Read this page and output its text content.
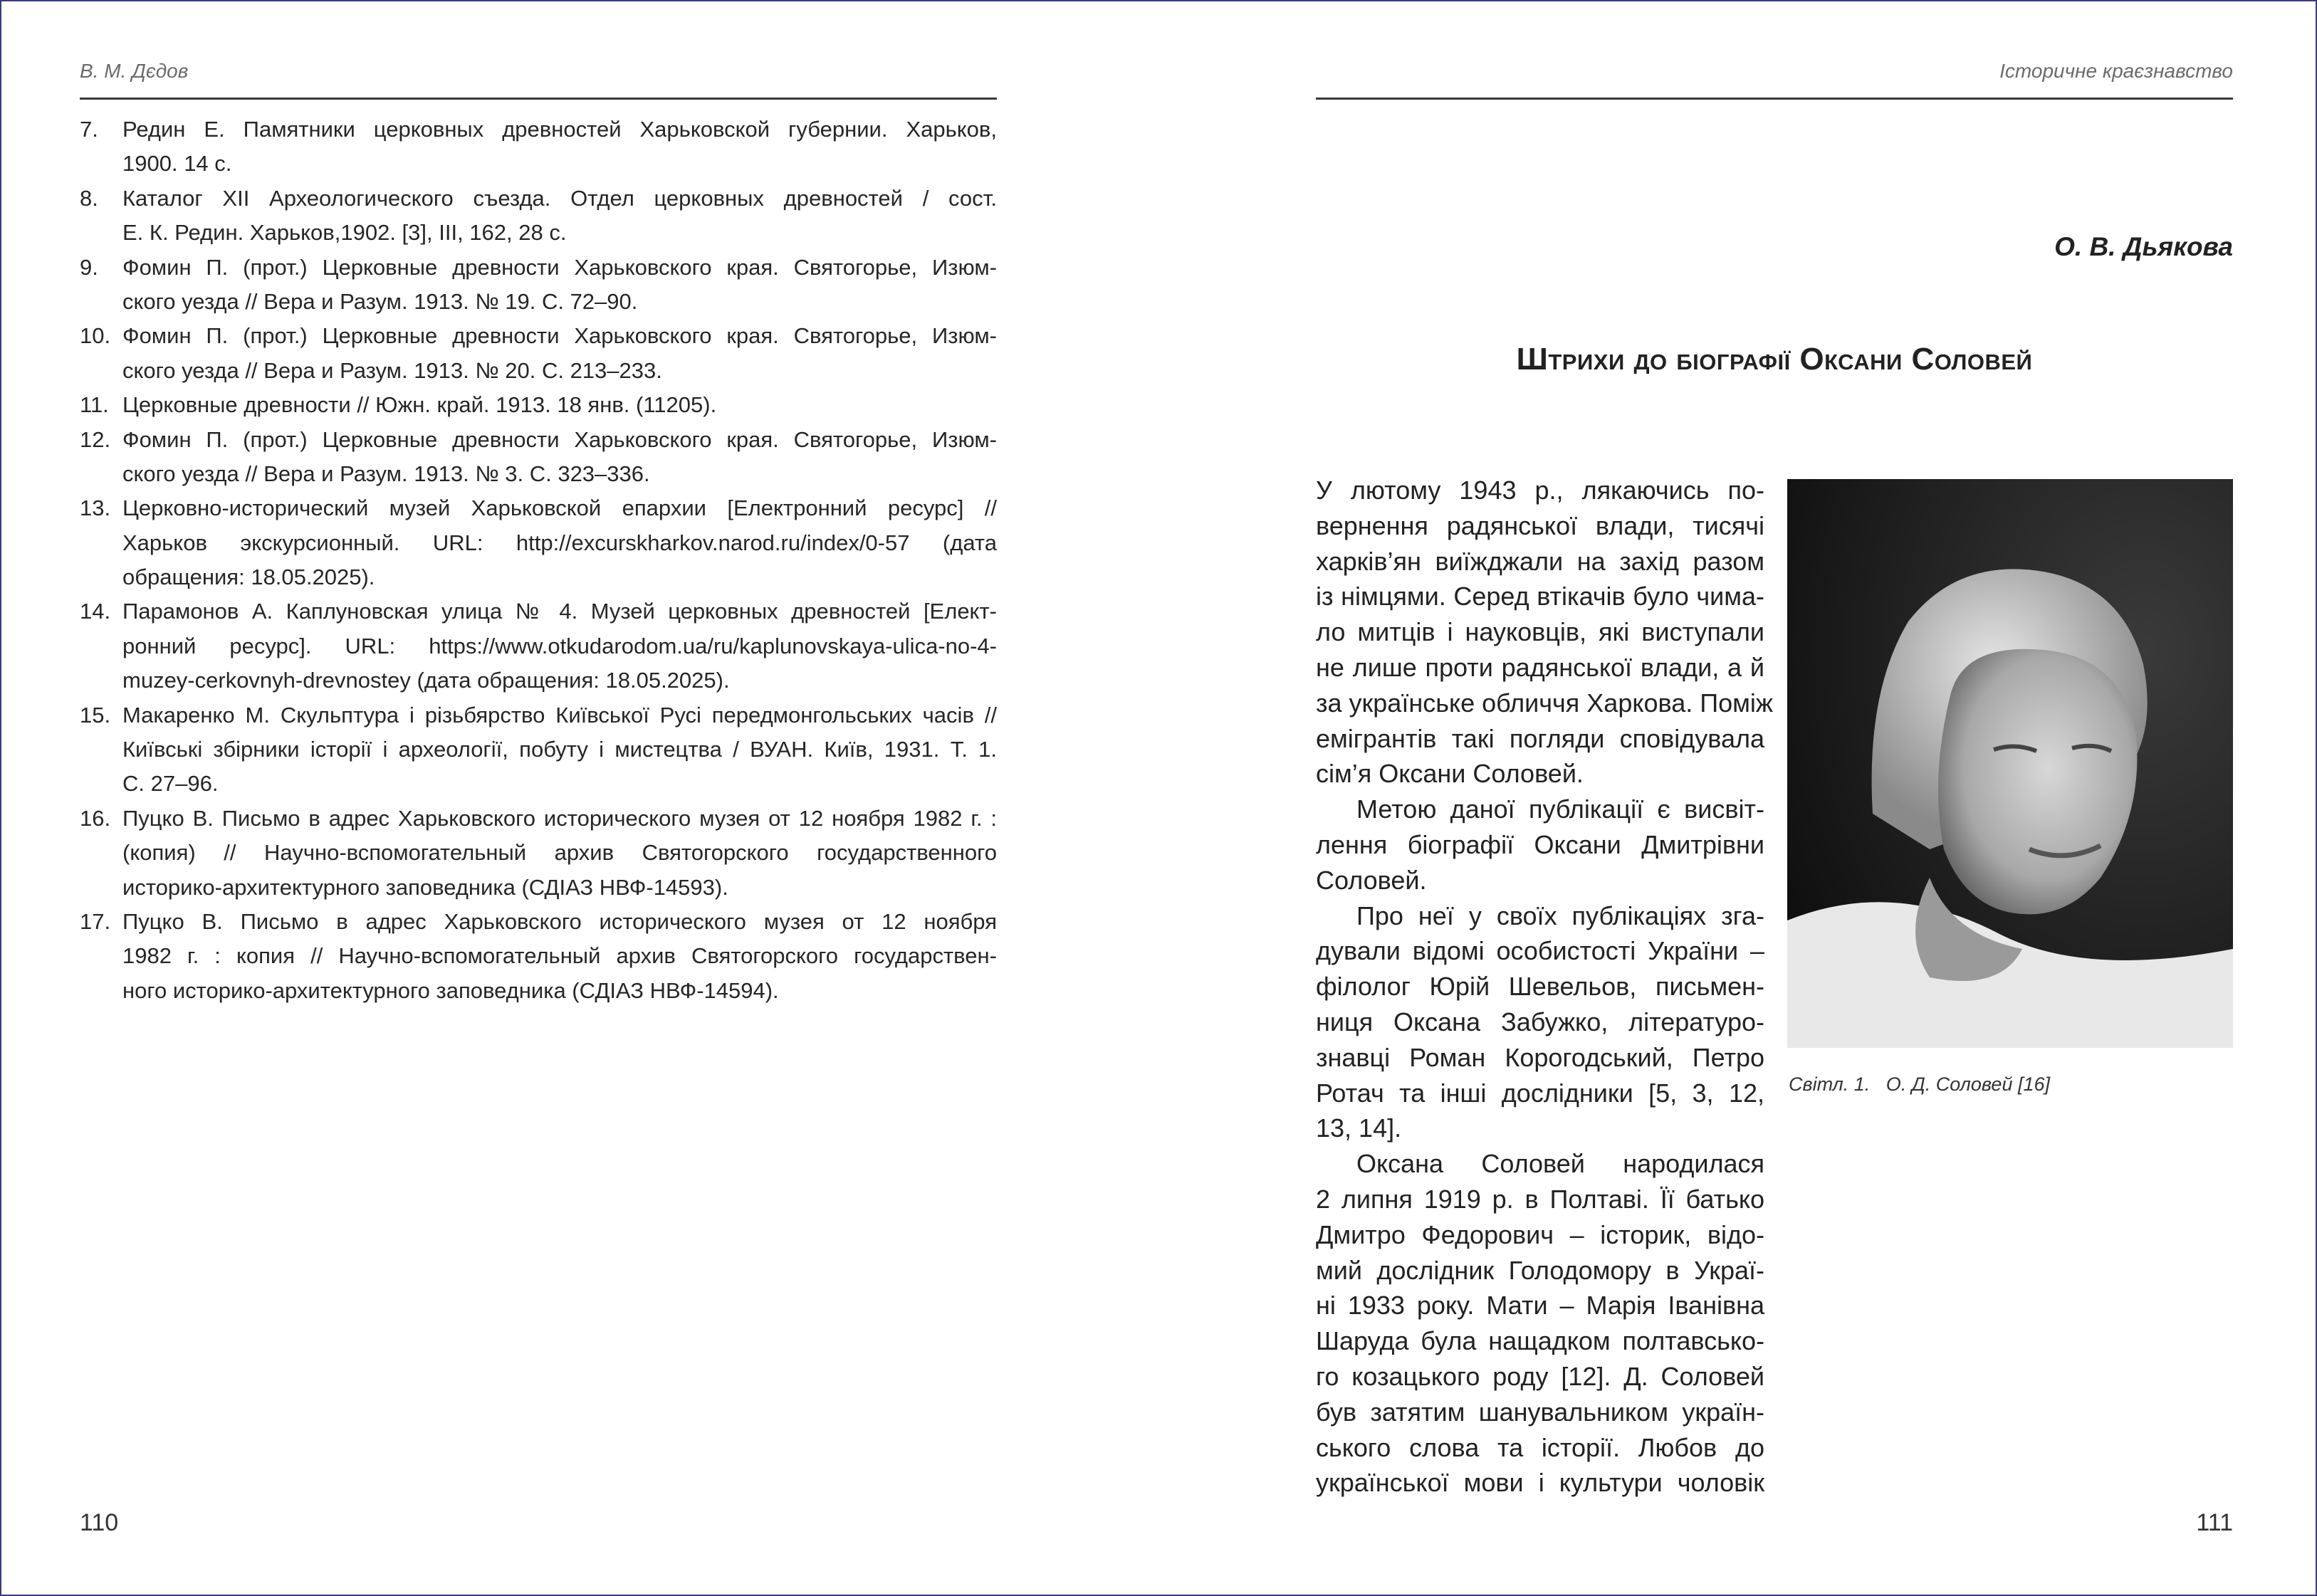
В. М. Дєдов
7. Редин Е. Памятники церковных древностей Харьковской губернии. Харьков,
1900. 14 с.
8. Каталог XII Археологического съезда. Отдел церковных древностей / сост.
Е. К. Редин. Харьков,1902. [3], III, 162, 28 с.
9. Фомин П. (прот.) Церковные древности Харьковского края. Святогорье, Изюм-
ского уезда // Вера и Разум. 1913. № 19. С. 72–90.
10. Фомин П. (прот.) Церковные древности Харьковского края. Святогорье, Изюм-
ского уезда // Вера и Разум. 1913. № 20. С. 213–233.
11. Церковные древности // Южн. край. 1913. 18 янв. (11205).
12. Фомин П. (прот.) Церковные древности Харьковского края. Святогорье, Изюм-
ского уезда // Вера и Разум. 1913. № 3. С. 323–336.
13. Церковно-исторический музей Харьковской епархии [Електронний ресурс] //
Харьков экскурсионный. URL: http://excurskharkov.narod.ru/index/0-57 (дата
обращения: 18.05.2025).
14. Парамонов А. Каплуновская улица № 4. Музей церковных древностей [Елект-
ронний ресурс]. URL: https://www.otkudarodom.ua/ru/kaplunovskaya-ulica-no-4-
muzey-cerkovnyh-drevnostey (дата обращения: 18.05.2025).
15. Макаренко М. Скульптура і різьбярство Київської Русі передмонгольських часів //
Київські збірники історії і археології, побуту і мистецтва / ВУАН. Київ, 1931. Т. 1.
С. 27–96.
16. Пуцко В. Письмо в адрес Харьковского исторического музея от 12 ноября 1982 г. :
(копия) // Научно-вспомогательный архив Святогорского государственного
историко-архитектурного заповедника (СДІАЗ НВФ-14593).
17. Пуцко В. Письмо в адрес Харьковского исторического музея от 12 ноября
1982 г. : копия // Научно-вспомогательный архив Святогорского государствен-
ного историко-архитектурного заповедника (СДІАЗ НВФ-14594).
110
Історичне краєзнавство
О. В. Дьякова
Штрихи до біографії Оксани Соловей
У лютому 1943 р., лякаючись по-
вернення радянської влади, тисячі
харків’ян виїжджали на захід разом
із німцями. Серед втікачів було чима-
ло митців і науковців, які виступали
не лише проти радянської влади, а й
за українське обличчя Харкова. Поміж
емігрантів такі погляди сповідувала
сім’я Оксани Соловей.
Метою даної публікації є висвіт-
лення біографії Оксани Дмитрівни
Соловей.
Про неї у своїх публікаціях зга-
дували відомі особистості України –
філолог Юрій Шевельов, письмен-
ниця Оксана Забужко, літературо-
знавці Роман Корогодський, Петро
Ротач та інші дослідники [5, 3, 12,
13, 14].
Оксана Соловей народилася
2 липня 1919 р. в Полтаві. Її батько
Дмитро Федорович – історик, відо-
мий дослідник Голодомору в Украї-
ні 1933 року. Мати – Марія Іванівна
Шаруда була нащадком полтавсько-
го козацького роду [12]. Д. Соловей
був затятим шанувальником україн-
ського слова та історії. Любов до
української мови і культури чоловік
Світл. 1.   О. Д. Соловей [16]
111
